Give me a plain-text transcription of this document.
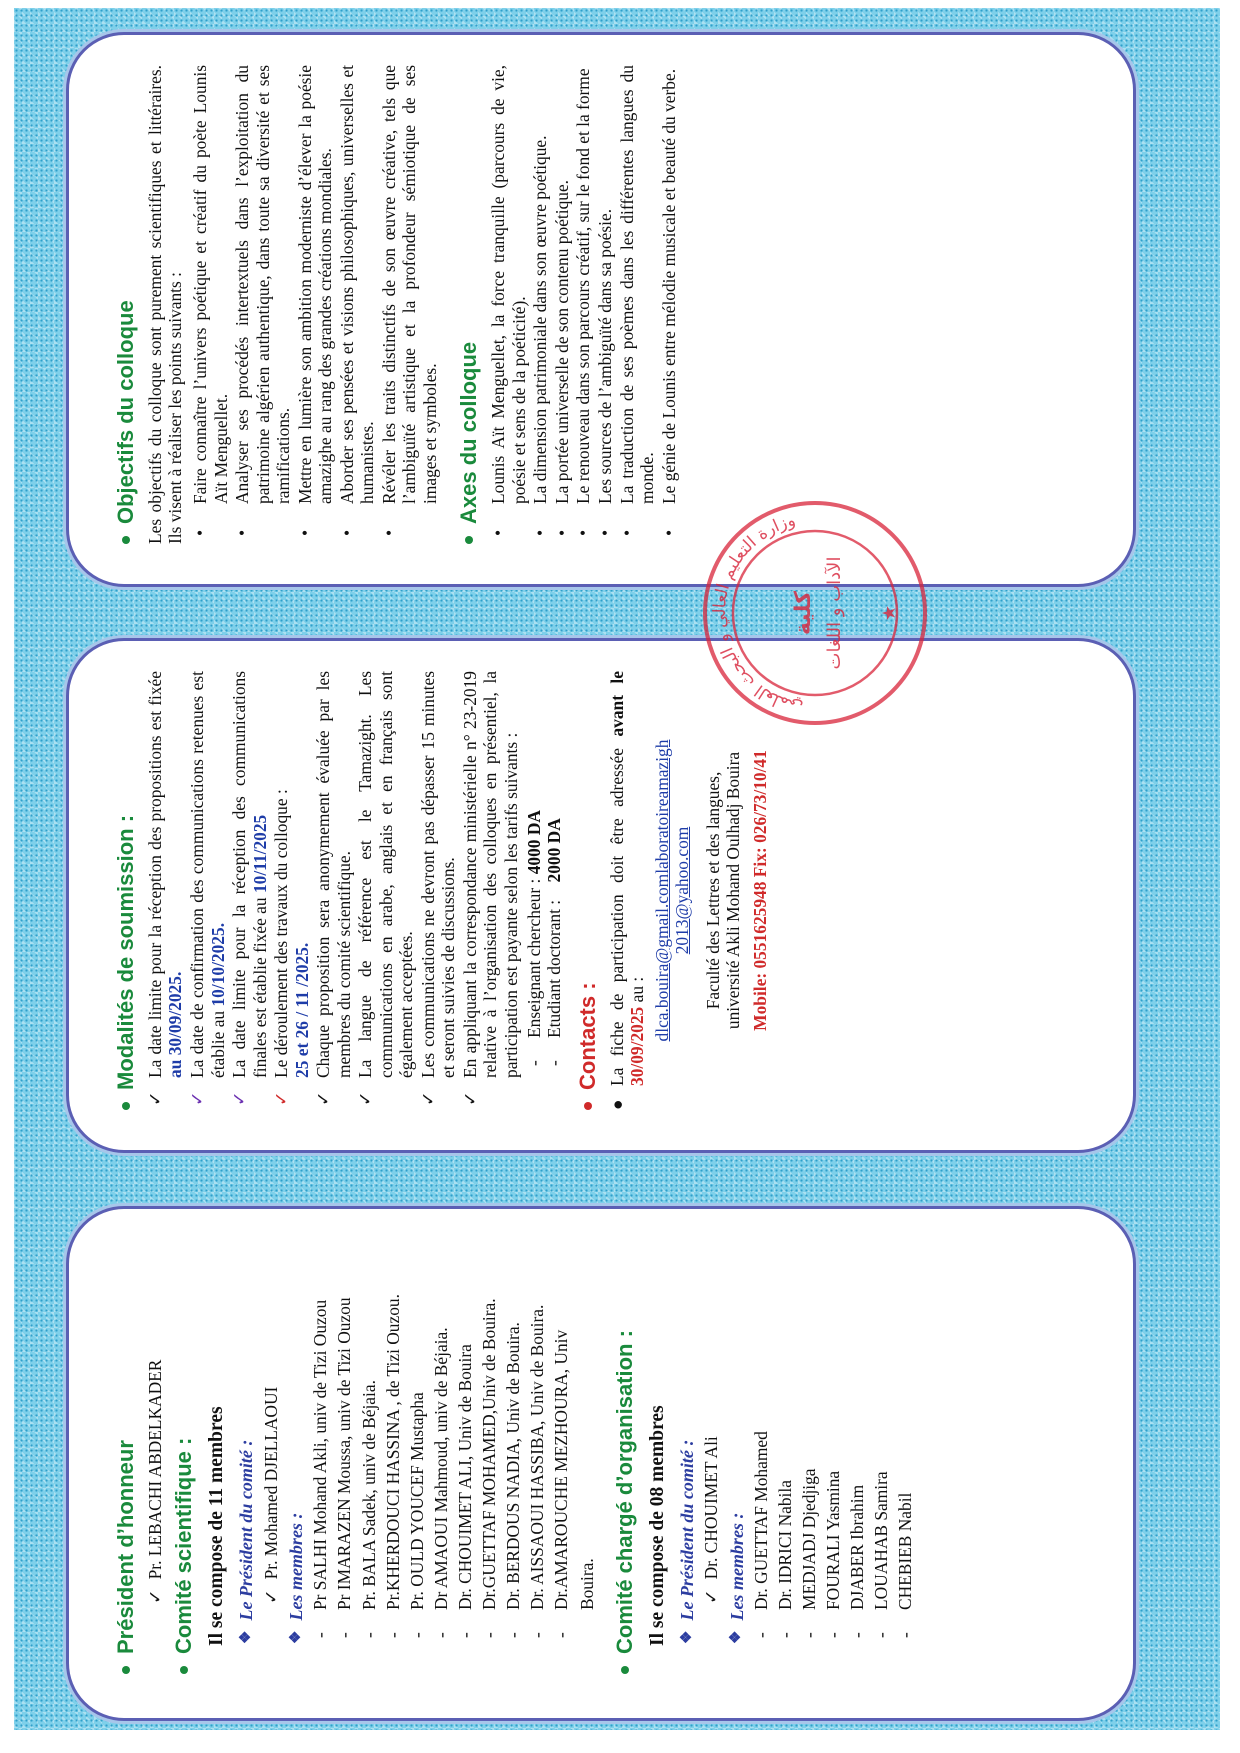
Président d’honneur ✓
Pr. LEBACHI ABDELKADER Comité scientifique : Il se compose de 11 membres ❖
Le Président du comité : ✓
Pr. Mohamed DJELLAOUI
❖
Les membres :
-
Pr SALHI Mohand Akli, univ de Tizi Ouzou
-
Pr IMARAZEN Moussa, univ de Tizi Ouzou
-
Pr. BALA Sadek, univ de Béjaia.
-
Pr.KHERDOUCI HASSINA , de Tizi Ouzou.
-
Pr. OULD YOUCEF Mustapha
-
Dr AMAOUI Mahmoud, univ de Béjaia.
-
Dr. CHOUIMET ALI, Univ de Bouira
-
Dr.GUETTAF MOHAMED,Univ de Bouira.
-
Dr. BERDOUS NADIA, Univ de Bouira.
-
Dr. AISSAOUI HASSIBA, Univ de Bouira.
-
Dr.AMAROUCHE MEZHOURA, Univ Bouira. Comité chargé d’organisation : Il se compose de 08 membres ❖
Le Président du comité : ✓
Dr. CHOUIMET Ali
❖
Les membres :
-
Dr. GUETTAF Mohamed
-
Dr. IDRICI Nabila
-
MEDJADJ Djedjiga
-
FOURALI Yasmina
-
DJABER Ibrahim
-
LOUAHAB Samira
-
CHEBIEB Nabil
Modalités de soumission :
✓
La date limite pour la réception des propositions est fixée au 30/09/2025.
✓
La date de confirmation des communications retenues est établie au 10/10/2025.
✓
La date limite pour la réception des communications finales est établie fixée au 10/11/2025
✓
Le déroulement des travaux du colloque :
25 et 26 / 11 /2025.
✓
Chaque proposition sera anonymement évaluée par les membres du comité scientifique.
✓
La langue de référence est le Tamazight. Les communications en arabe, anglais et en français sont également acceptées.
✓
Les communications ne devront pas dépasser 15 minutes et seront suivies de discussions.
✓
En appliquant la correspondance ministérielle n° 23-2019 relative à l’organisation des colloques en présentiel, la participation est payante selon les tarifs suivants : -
Enseignant chercheur :

4000 DA
-
Etudiant doctorant :

2000 DA
Contacts :
●
La fiche de participation doit être adressée avant le 30/09/2025 au : dlca.bouira@gmail.comlaboratoireamazigh
2013@yahoo.com Faculté des Lettres et des langues, université Akli Mohand Oulhadj Bouira Mobile: 0551625948 Fix: 026/73/10/41
Objectifs du colloque Les objectifs du colloque sont purement scientifiques et littéraires. Ils visent à réaliser les points suivants : •
Faire connaître l’univers poétique et créatif du poète Lounis Aït Menguellet.
•
Analyser ses procédés intertextuels dans l’exploitation du patrimoine algérien authentique, dans toute sa diversité et ses ramifications.
•
Mettre en lumière son ambition moderniste d’élever la poésie amazighe au rang des grandes créations mondiales.
•
Aborder ses pensées et visions philosophiques, universelles et humanistes.
•
Révéler les traits distinctifs de son œuvre créative, tels que l’ambiguïté artistique et la profondeur sémiotique de ses images et symboles. Axes du colloque
•
Lounis Aït Menguellet, la force tranquille (parcours de vie, poésie et sens de la poéticité).
•
La dimension patrimoniale dans son œuvre poétique.
•
La portée universelle de son contenu poétique.
•
Le renouveau dans son parcours créatif, sur le fond et la forme
•
Les sources de l’ambiguïté dans sa poésie.
•
La traduction de ses poèmes dans les différentes langues du monde.
•
Le génie de Lounis entre mélodie musicale et beauté du verbe.
وزارة التعليم العالي و البحث العلمي
كلية الآداب و اللغات ★
